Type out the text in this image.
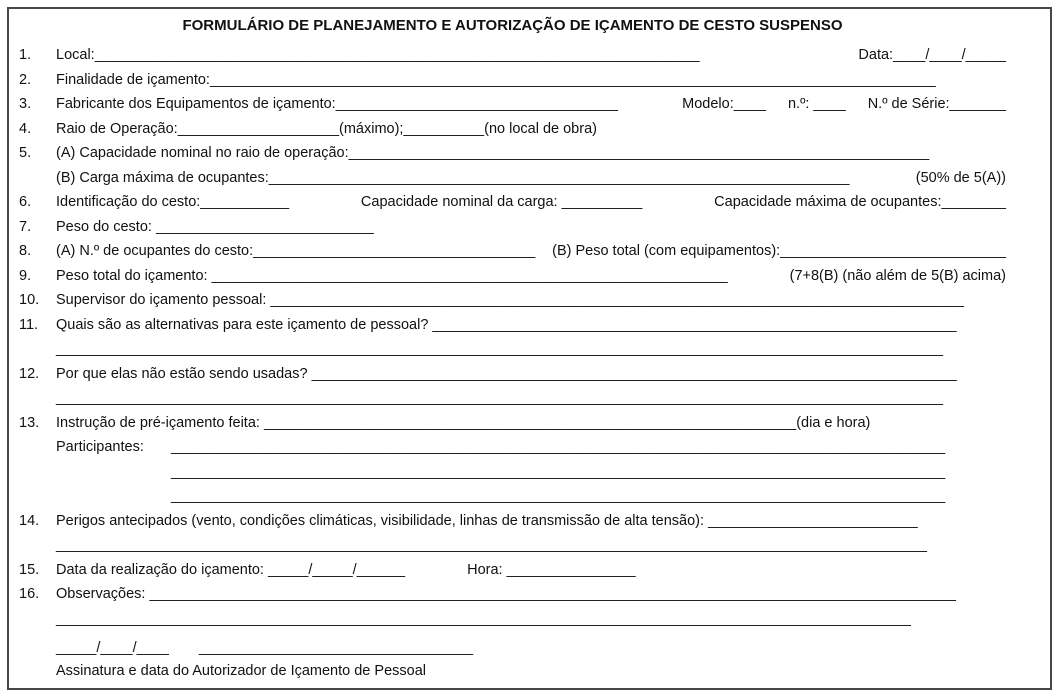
FORMULÁRIO DE PLANEJAMENTO E AUTORIZAÇÃO DE IÇAMENTO DE CESTO SUSPENSO
1.	Local:___________________________________________________________________________	Data:____/____/_____
2.	Finalidade de içamento:__________________________________________________________________________________________
3.	Fabricante dos Equipamentos de içamento:___________________________________	Modelo:____ n.º: ____ N.º de Série:_______
4.	Raio de Operação:____________________(máximo);__________(no local de obra)
5.	(A) Capacidade nominal no raio de operação:________________________________________________________________________
(B) Carga máxima de ocupantes:________________________________________________________________________	(50% de 5(A))
6.	Identificação do cesto:___________	Capacidade nominal da carga: __________	Capacidade máxima de ocupantes:________
7.	Peso do cesto: ___________________________
8.	(A) N.º de ocupantes do cesto:___________________________________ (B) Peso total (com equipamentos):____________________________
9.	Peso total do içamento: ________________________________________________________________	(7+8(B) (não além de 5(B) acima)
10.	Supervisor do içamento pessoal: ______________________________________________________________________________________
11.	Quais são as alternativas para este içamento de pessoal? _________________________________________________________________
______________________________________________________________________________________________________________
12.	Por que elas não estão sendo usadas? ________________________________________________________________________________
______________________________________________________________________________________________________________
13.	Instrução de pré-içamento feita: __________________________________________________________________(dia e hora)
Participantes:	________________________________________________________________________________________________
________________________________________________________________________________________________
________________________________________________________________________________________________
14.	Perigos antecipados (vento, condições climáticas, visibilidade, linhas de transmissão de alta tensão): __________________________
____________________________________________________________________________________________________________
15.	Data da realização do içamento: _____/_____/______	Hora: ________________
16.	Observações: ____________________________________________________________________________________________________
__________________________________________________________________________________________________________
_____/____/____ __________________________________
Assinatura e data do Autorizador de Içamento de Pessoal
